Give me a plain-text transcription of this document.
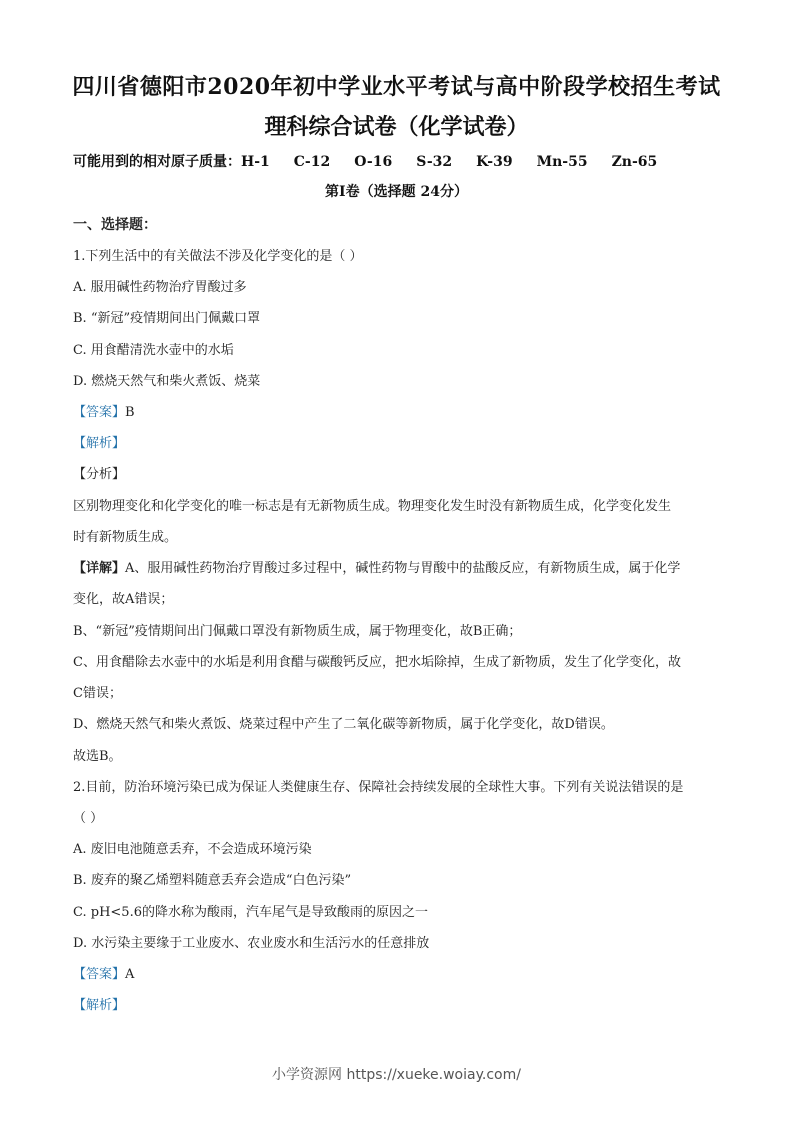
四川省德阳市2020年初中学业水平考试与高中阶段学校招生考试
理科综合试卷（化学试卷）
可能用到的相对原子质量：H-1 C-12 O-16 S-32 K-39 Mn-55 Zn-65
第Ⅰ卷（选择题 24分）
一、选择题：
1.下列生活中的有关做法不涉及化学变化的是（ ）
A. 服用碱性药物治疗胃酸过多
B. “新冠”疫情期间出门佩戴口罩
C. 用食醋清洗水壶中的水垢
D. 燃烧天然气和柴火煮饭、烧菜
【答案】B
【解析】
【分析】
区别物理变化和化学变化的唯一标志是有无新物质生成。物理变化发生时没有新物质生成，化学变化发生
时有新物质生成。
【详解】A、服用碱性药物治疗胃酸过多过程中，碱性药物与胃酸中的盐酸反应，有新物质生成，属于化学
变化，故A错误；
B、“新冠”疫情期间出门佩戴口罩没有新物质生成，属于物理变化，故B正确；
C、用食醋除去水壶中的水垢是利用食醋与碳酸钙反应，把水垢除掉，生成了新物质，发生了化学变化，故
C错误；
D、燃烧天然气和柴火煮饭、烧菜过程中产生了二氧化碳等新物质，属于化学变化，故D错误。
故选B。
2.目前，防治环境污染已成为保证人类健康生存、保障社会持续发展的全球性大事。下列有关说法错误的是
（ ）
A. 废旧电池随意丢弃，不会造成环境污染
B. 废弃的聚乙烯塑料随意丢弃会造成“白色污染”
C. pH<5.6的降水称为酸雨，汽车尾气是导致酸雨的原因之一
D. 水污染主要缘于工业废水、农业废水和生活污水的任意排放
【答案】A
【解析】
小学资源网 https://xueke.woiay.com/
